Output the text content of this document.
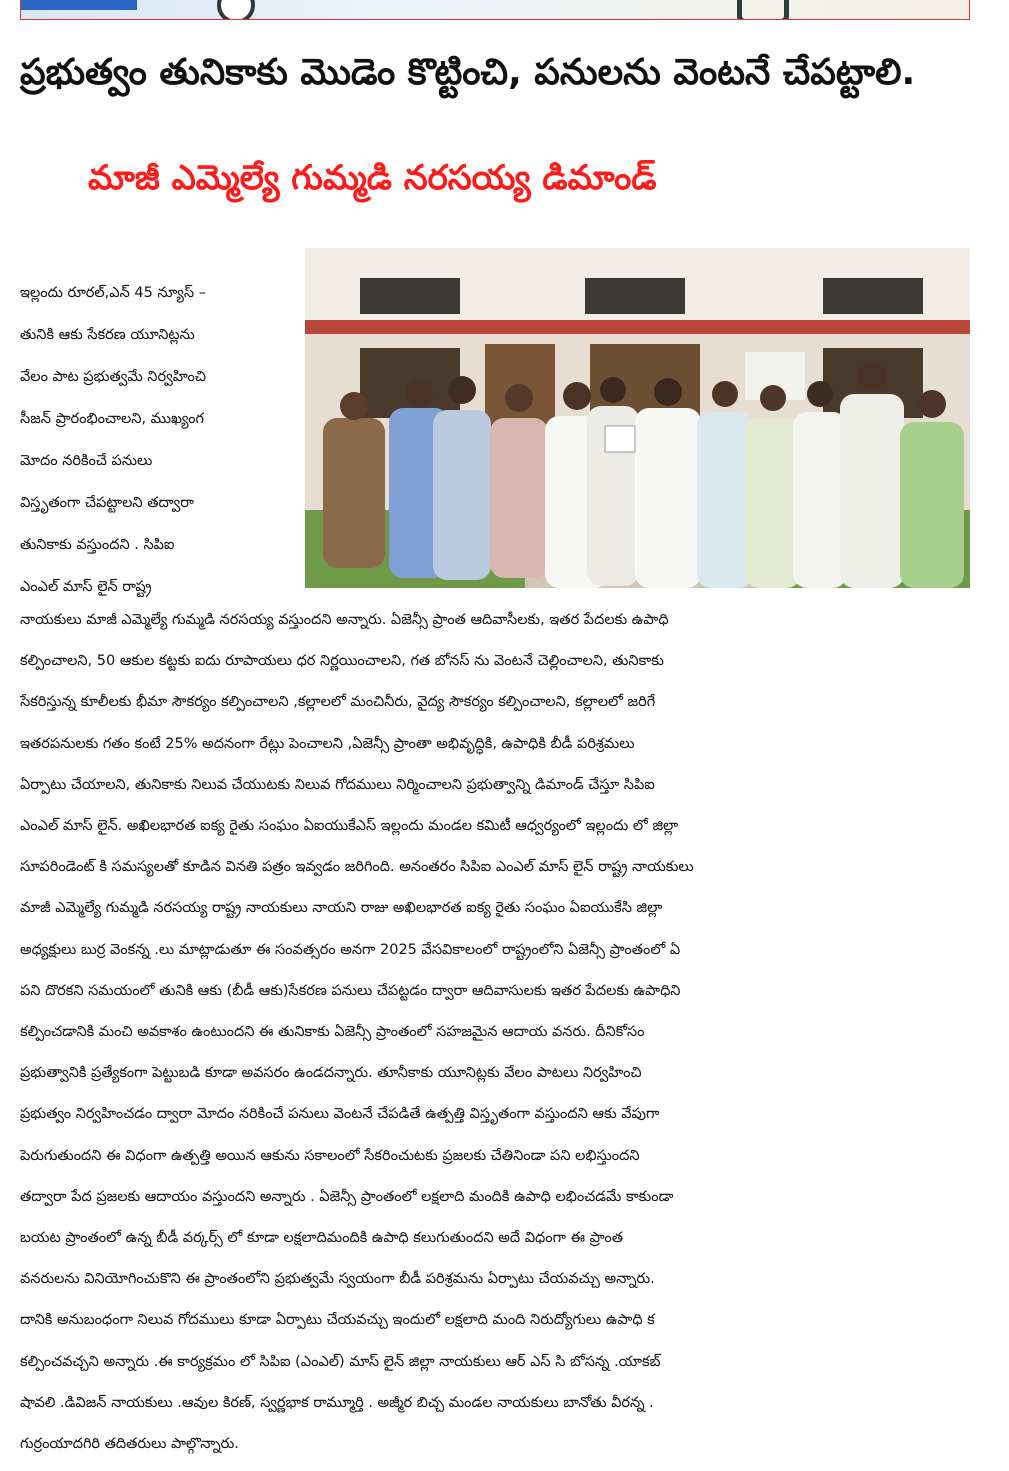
ప్రభుత్వం తునికాకు మొడెం కొట్టించి, పనులను వెంటనే చేపట్టాలి.
మాజీ ఎమ్మెల్యే గుమ్మడి నరసయ్య డిమాండ్

ఇల్లందు రూరల్,ఎన్ 45 న్యూస్ –

తునికి ఆకు సేకరణ యూనిట్లను

వేలం పాట ప్రభుత్వమే నిర్వహించి

సీజన్ ప్రారంభించాలని, ముఖ్యంగ

మోదం నరికించే పనులు

విస్తృతంగా చేపట్టాలని తద్వారా

తునికాకు వస్తుందని . సిపిఐ

ఎంఎల్ మాస్ లైన్ రాష్ట్ర

నాయకులు మాజీ ఎమ్మెల్యే గుమ్మడి నరసయ్య వస్తుందని అన్నారు. ఏజెన్సీ ప్రాంత ఆదివాసీలకు, ఇతర పేదలకు ఉపాధి

కల్పించాలని, 50 ఆకుల కట్టకు ఐదు రూపాయలు ధర నిర్ణయించాలని, గత బోనస్ ను వెంటనే చెల్లించాలని, తునికాకు

సేకరిస్తున్న కూలీలకు భీమా సౌకర్యం కల్పించాలని ,కల్లాలలో మంచినీరు, వైద్య సౌకర్యం కల్పించాలని, కల్లాలలో జరిగే

ఇతరపనులకు గతం కంటే 25% అదనంగా రేట్లు పెంచాలని ,ఏజెన్సీ ప్రాంతా అభివృద్ధికి, ఉపాధికి బీడీ పరిశ్రమలు

ఏర్పాటు చేయాలని, తునికాకు నిలువ చేయుటకు నిలువ గోదములు నిర్మించాలని ప్రభుత్వాన్ని డిమాండ్ చేస్తూ సిపిఐ

ఎంఎల్ మాస్ లైన్. అఖిలభారత ఐక్య రైతు సంఘం ఏఐయుకేఎస్ ఇల్లందు మండల కమిటీ ఆధ్వర్యంలో ఇల్లందు లో జిల్లా

సూపరిండెంట్ కి సమస్యలతో కూడిన వినతి పత్రం ఇవ్వడం జరిగింది. అనంతరం సిపిఐ ఎంఎల్ మాస్ లైన్ రాష్ట్ర నాయకులు

మాజీ ఎమ్మెల్యే గుమ్మడి నరసయ్య రాష్ట్ర నాయకులు నాయని రాజు అఖిలభారత ఐక్య రైతు సంఘం ఏఐయుకేసి జిల్లా

అధ్యక్షులు బుర్ర వెంకన్న .లు మాట్లాడుతూ ఈ సంవత్సరం అనగా 2025 వేసవికాలంలో రాష్ట్రంలోని ఏజెన్సీ ప్రాంతంలో ఏ

పని దొరకని సమయంలో తునికి ఆకు (బీడీ ఆకు)సేకరణ పనులు చేపట్టడం ద్వారా ఆదివాసులకు ఇతర పేదలకు ఉపాధిని

కల్పించడానికి మంచి అవకాశం ఉంటుందని ఈ తునికాకు ఏజెన్సీ ప్రాంతంలో సహజమైన ఆదాయ వనరు. దీనికోసం

ప్రభుత్వానికి ప్రత్యేకంగా పెట్టుబడి కూడా అవసరం ఉండదన్నారు. తూనీకాకు యూనిట్లకు వేలం పాటలు నిర్వహించి

ప్రభుత్వం నిర్వహించడం ద్వారా మోదం నరికించే పనులు వెంటనే చేపడితే ఉత్పత్తి విస్తృతంగా వస్తుందని ఆకు వేపుగా

పెరుగుతుందని ఈ విధంగా ఉత్పత్తి అయిన ఆకును సకాలంలో సేకరించుటకు ప్రజలకు చేతినిండా పని లభిస్తుందని

తద్వారా పేద ప్రజలకు ఆదాయం వస్తుందని అన్నారు . ఏజెన్సీ ప్రాంతంలో లక్షలాది మందికి ఉపాధి లభించడమే కాకుండా

బయట ప్రాంతంలో ఉన్న బీడీ వర్కర్స్ లో కూడా లక్షలాదిమందికి ఉపాధి కలుగుతుందని అదే విధంగా ఈ ప్రాంత

వనరులను వినియోగించుకొని ఈ ప్రాంతంలోని ప్రభుత్వమే స్వయంగా బీడీ పరిశ్రమను ఏర్పాటు చేయవచ్చు అన్నారు.

దానికి అనుబంధంగా నిలువ గోదములు కూడా ఏర్పాటు చేయవచ్చు ఇందులో లక్షలాది మంది నిరుద్యోగులు ఉపాధి క

కల్పించవచ్చని అన్నారు .ఈ కార్యక్రమం లో సిపిఐ (ఎంఎల్) మాస్ లైన్ జిల్లా నాయకులు ఆర్ ఎస్ సి బోసన్న .యాకబ్

షావలి .డివిజన్ నాయకులు .ఆవుల కిరణ్, స్వర్ణభాక రామ్మూర్తి . అజ్మీర బిచ్చ మండల నాయకులు బానోతు వీరన్న .

గుర్రంయాదగిరి తదితరులు పాల్గొన్నారు.
